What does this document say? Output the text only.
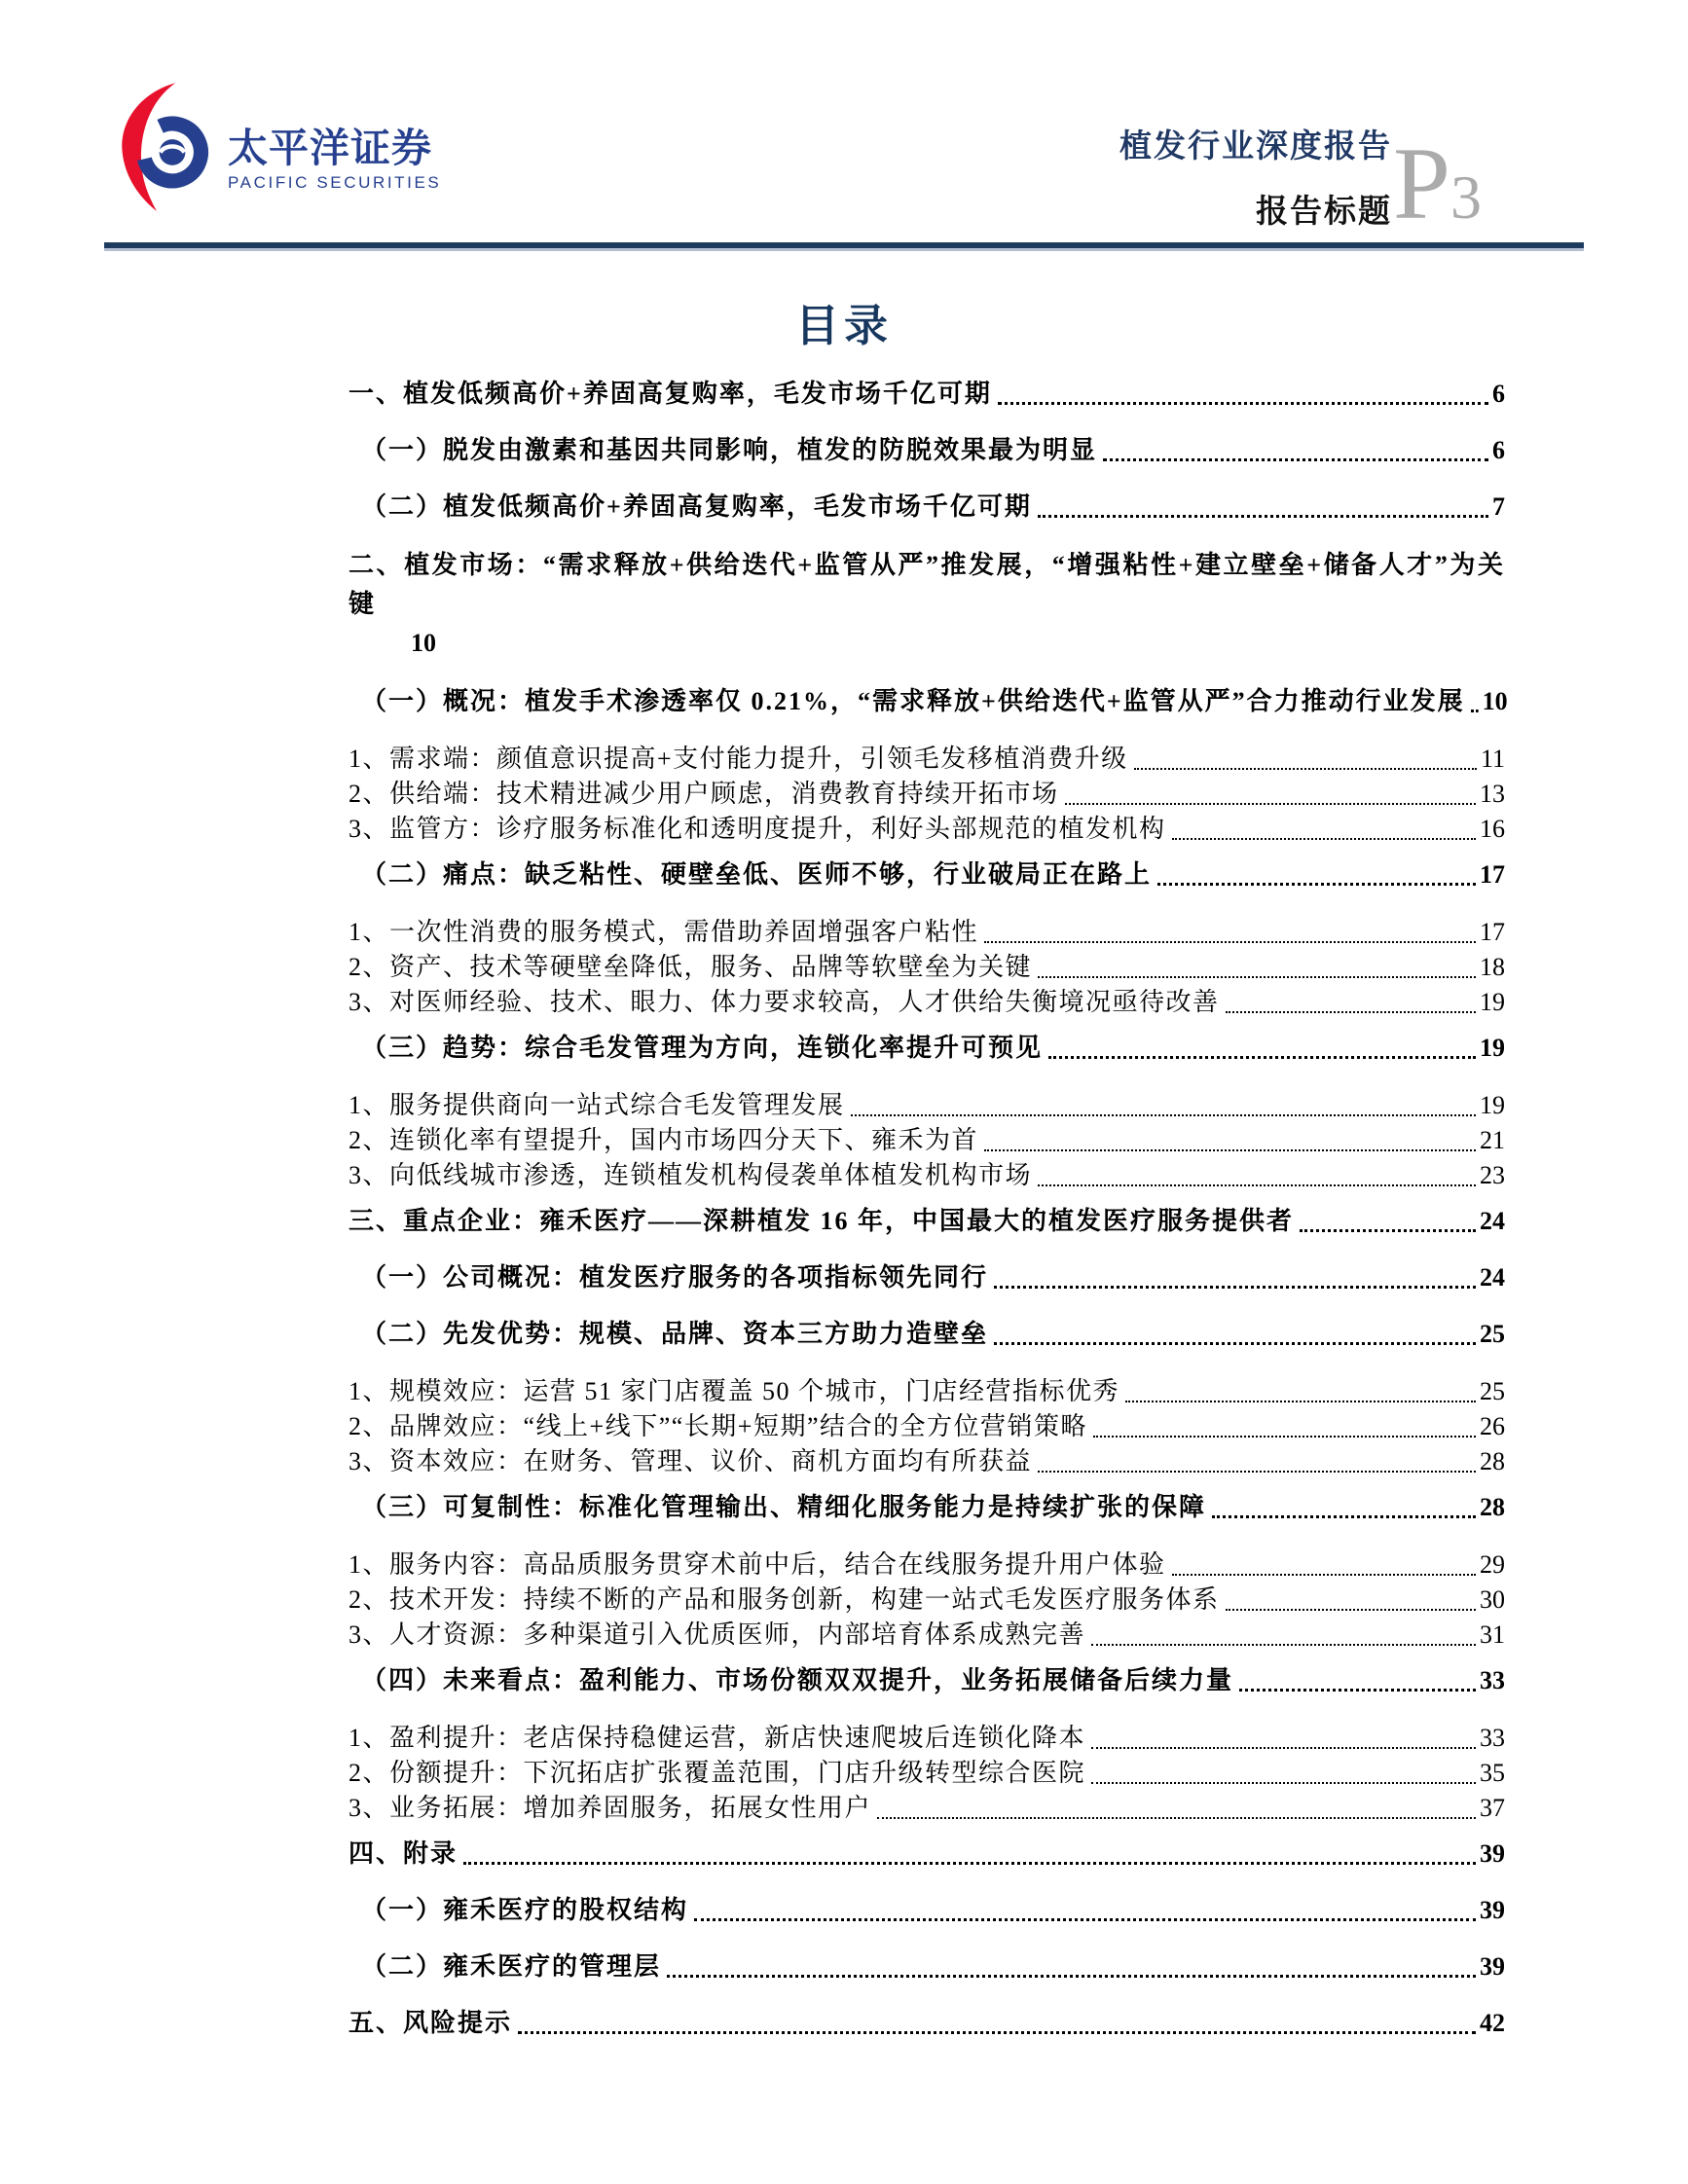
太平洋证券
PACIFIC SECURITIES
植发行业深度报告
报告标题 P 3
目录
一、植发低频高价+养固高复购率，毛发市场千亿可期	6
（一）脱发由激素和基因共同影响，植发的防脱效果最为明显	6
（二）植发低频高价+养固高复购率，毛发市场千亿可期	7
二、植发市场：“需求释放+供给迭代+监管从严”推发展，“增强粘性+建立壁垒+储备人才”为关键
10
（一）概况：植发手术渗透率仅 0.21%，“需求释放+供给迭代+监管从严”合力推动行业发展 10
1、需求端：颜值意识提高+支付能力提升，引领毛发移植消费升级	11
2、供给端：技术精进减少用户顾虑，消费教育持续开拓市场	13
3、监管方：诊疗服务标准化和透明度提升，利好头部规范的植发机构	16
（二）痛点：缺乏粘性、硬壁垒低、医师不够，行业破局正在路上	17
1、一次性消费的服务模式，需借助养固增强客户粘性	17
2、资产、技术等硬壁垒降低，服务、品牌等软壁垒为关键	18
3、对医师经验、技术、眼力、体力要求较高，人才供给失衡境况亟待改善	19
（三）趋势：综合毛发管理为方向，连锁化率提升可预见	19
1、服务提供商向一站式综合毛发管理发展	19
2、连锁化率有望提升，国内市场四分天下、雍禾为首	21
3、向低线城市渗透，连锁植发机构侵袭单体植发机构市场	23
三、重点企业：雍禾医疗——深耕植发 16 年，中国最大的植发医疗服务提供者	24
（一）公司概况：植发医疗服务的各项指标领先同行	24
（二）先发优势：规模、品牌、资本三方助力造壁垒	25
1、规模效应：运营 51 家门店覆盖 50 个城市，门店经营指标优秀	25
2、品牌效应：“线上+线下”“长期+短期”结合的全方位营销策略	26
3、资本效应：在财务、管理、议价、商机方面均有所获益	28
（三）可复制性：标准化管理输出、精细化服务能力是持续扩张的保障	28
1、服务内容：高品质服务贯穿术前中后，结合在线服务提升用户体验	29
2、技术开发：持续不断的产品和服务创新，构建一站式毛发医疗服务体系	30
3、人才资源：多种渠道引入优质医师，内部培育体系成熟完善	31
（四）未来看点：盈利能力、市场份额双双提升，业务拓展储备后续力量	33
1、盈利提升：老店保持稳健运营，新店快速爬坡后连锁化降本	33
2、份额提升：下沉拓店扩张覆盖范围，门店升级转型综合医院	35
3、业务拓展：增加养固服务，拓展女性用户	37
四、附录	39
（一）雍禾医疗的股权结构	39
（二）雍禾医疗的管理层	39
五、风险提示	42
